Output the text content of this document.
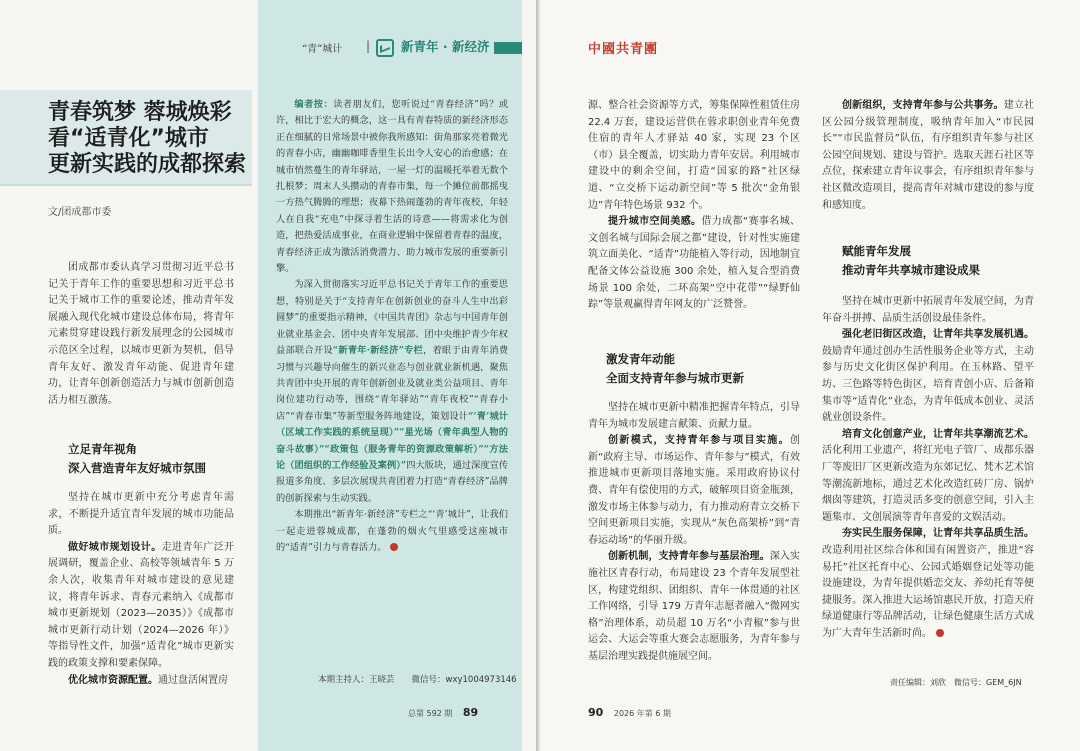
青春筑梦 蓉城焕彩
看“适青化”城市
更新实践的成都探索
文/团成都市委

团成都市委认真学习贯彻习近平总书记关于青年工作的重要思想和习近平总书记关于城市工作的重要论述，推动青年发展融入现代化城市建设总体布局，将青年元素贯穿建设践行新发展理念的公园城市示范区全过程，以城市更新为契机，倡导青年友好、激发青年动能、促进青年建功，让青年创新创造活力与城市创新创造活力相互激荡。

立足青年视角
深入营造青年友好城市氛围

坚持在城市更新中充分考虑青年需求，不断提升适宜青年发展的城市功能品质。

做好城市规划设计。走进青年广泛开展调研，覆盖企业、高校等领域青年 5 万余人次，收集青年对城市建设的意见建议，将青年诉求、青春元素纳入《成都市城市更新规划（2023—2035）》《成都市城市更新行动计划（2024—2026 年）》等指导性文件，加强“适青化”城市更新实践的政策支撑和要素保障。

优化城市资源配置。通过盘活闲置房

“青”城计 | 新青年 · 新经济

编者按：读者朋友们，您听说过“青春经济”吗？或许，相比于宏大的概念，这一具有青春特质的新经济形态正在细腻的日常场景中被你我所感知：街角那家亮着微光的青春小店，幽幽咖啡香里生长出令人安心的治愈感；在城市悄然蔓生的青年驿站，一屋一灯的温暖托举着无数个扎根梦；周末人头攒动的青春市集，每一个摊位前都摇曳一方热气腾腾的理想；夜幕下热闹蓬勃的青年夜校，年轻人在自我“充电”中探寻着生活的诗意——将需求化为创造，把热爱活成事业，在商业逻辑中保留着青春的温度，青春经济正成为激活消费潜力、助力城市发展的重要新引擎。

为深入贯彻落实习近平总书记关于青年工作的重要思想，特别是关于“支持青年在创新创业的奋斗人生中出彩圆梦”的重要指示精神，《中国共青团》杂志与中国青年创业就业基金会、团中央青年发展部、团中央维护青少年权益部联合开设“新青年·新经济”专栏，着眼于由青年消费习惯与兴趣导向催生的新兴业态与创业就业新机遇，聚焦共青团中央开展的青年创新创业及就业类公益项目、青年岗位建功行动等，围绕“青年驿站”“青年夜校”“青春小店”“青春市集”等新型服务阵地建设，策划设计“‘青’城计（区域工作实践的系统呈现）”“星光场（青年典型人物的奋斗故事）”“政策包（服务青年的资源政策解析）”“方法论（团组织的工作经验及案例）”四大版块，通过深度宣传报道多角度、多层次展现共青团着力打造“青春经济”品牌的创新探索与生动实践。

本期推出“新青年·新经济”专栏之“‘青’城计”，让我们一起走进蓉城成都，在蓬勃的烟火气里感受这座城市的“适青”引力与青春活力。

本期主持人：王晓芸　　微信号：wxy1004973146
总第 592 期 89
中國共青團

源、整合社会资源等方式，筹集保障性租赁住房 22.4 万套，建设运营供在蓉求职创业青年免费住宿的青年人才驿站 40 家，实现 23 个区（市）县全覆盖，切实助力青年安居。利用城市建设中的剩余空间，打造“国家的路”社区绿道、“立交桥下运动新空间”等 5 批次“金角银边”青年特色场景 932 个。

提升城市空间美感。借力成都“赛事名城、文创名城与国际会展之都”建设，针对性实施建筑立面美化、“适青”功能植入等行动，因地制宜配备文体公益设施 300 余处，植入复合型消费场景 100 余处，二环高架“空中花带”“绿野仙踪”等景观赢得青年网友的广泛赞誉。

激发青年动能
全面支持青年参与城市更新

坚持在城市更新中精准把握青年特点，引导青年为城市发展建言献策、贡献力量。

创新模式，支持青年参与项目实施。创新“政府主导、市场运作、青年参与”模式，有效推进城市更新项目落地实施。采用政府协议付费、青年有偿使用的方式，破解项目资金瓶颈，激发市场主体参与动力，有力推动府青立交桥下空间更新项目实施，实现从“灰色高架桥”到“青春运动场”的华丽升级。

创新机制，支持青年参与基层治理。深入实施社区青春行动，布局建设 23 个青年发展型社区，构建党组织、团组织、青年一体贯通的社区工作网络，引导 179 万青年志愿者融入“微网实格”治理体系，动员超 10 万名“小青椒”参与世运会、大运会等重大赛会志愿服务，为青年参与基层治理实践提供施展空间。

创新组织，支持青年参与公共事务。建立社区公园分级管理制度，吸纳青年加入“市民园长”“市民监督员”队伍，有序组织青年参与社区公园空间规划、建设与管护。选取天涯石社区等点位，探索建立青年议事会，有序组织青年参与社区微改造项目，提高青年对城市建设的参与度和感知度。

赋能青年发展
推动青年共享城市建设成果

坚持在城市更新中拓展青年发展空间，为青年奋斗拼搏、品质生活创设最佳条件。

强化老旧街区改造，让青年共享发展机遇。鼓励青年通过创办生活性服务企业等方式，主动参与历史文化街区保护利用。在玉林路、望平坊、三色路等特色街区，培育青创小店、后备箱集市等“适青化”业态，为青年低成本创业、灵活就业创设条件。

培育文化创意产业，让青年共享潮流艺术。活化利用工业遗产，将红光电子管厂、成都乐器厂等废旧厂区更新改造为东郊记忆、梵木艺术馆等潮流新地标，通过艺术化改造红砖厂房、锅炉烟囱等建筑，打造灵活多变的创意空间，引入主题集市、文创展演等青年喜爱的文娱活动。

夯实民生服务保障，让青年共享品质生活。改造利用社区综合体和国有闲置资产，推进“容易托”社区托育中心、公园式婚姻登记处等功能设施建设，为青年提供婚恋交友、养幼托育等便捷服务。深入推进大运场馆惠民开放，打造天府绿道健康行等品牌活动，让绿色健康生活方式成为广大青年生活新时尚。

责任编辑：刘欣　微信号：GEM_6JN
90 2026 年第 6 期
